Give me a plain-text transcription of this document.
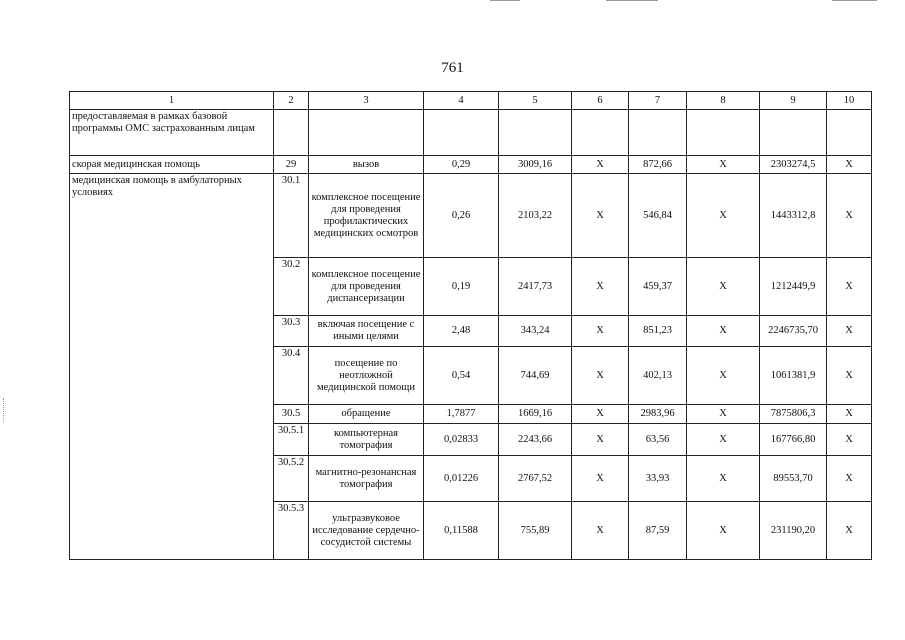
761
1	2	3	4	5	6	7	8	9	10
предоставляемая в рамках базовой программы ОМС застрахованным лицам									
скорая медицинская помощь	29	вызов	0,29	3009,16	Х	872,66	Х	2303274,5	Х
медицинская помощь в амбулаторных условиях	30.1	комплексное посещение для проведения профилактических медицинских осмотров	0,26	2103,22	Х	546,84	Х	1443312,8	Х
	30.2	комплексное посещение для проведения диспансеризации	0,19	2417,73	Х	459,37	Х	1212449,9	Х
	30.3	включая посещение с иными целями	2,48	343,24	Х	851,23	Х	2246735,70	Х
	30.4	посещение по неотложной медицинской помощи	0,54	744,69	Х	402,13	Х	1061381,9	Х
	30.5	обращение	1,7877	1669,16	Х	2983,96	Х	7875806,3	Х
	30.5.1	компьютерная томография	0,02833	2243,66	Х	63,56	Х	167766,80	Х
	30.5.2	магнитно-резонансная томография	0,01226	2767,52	Х	33,93	Х	89553,70	Х
	30.5.3	ультразвуковое исследование сердечно-сосудистой системы	0,11588	755,89	Х	87,59	Х	231190,20	Х
